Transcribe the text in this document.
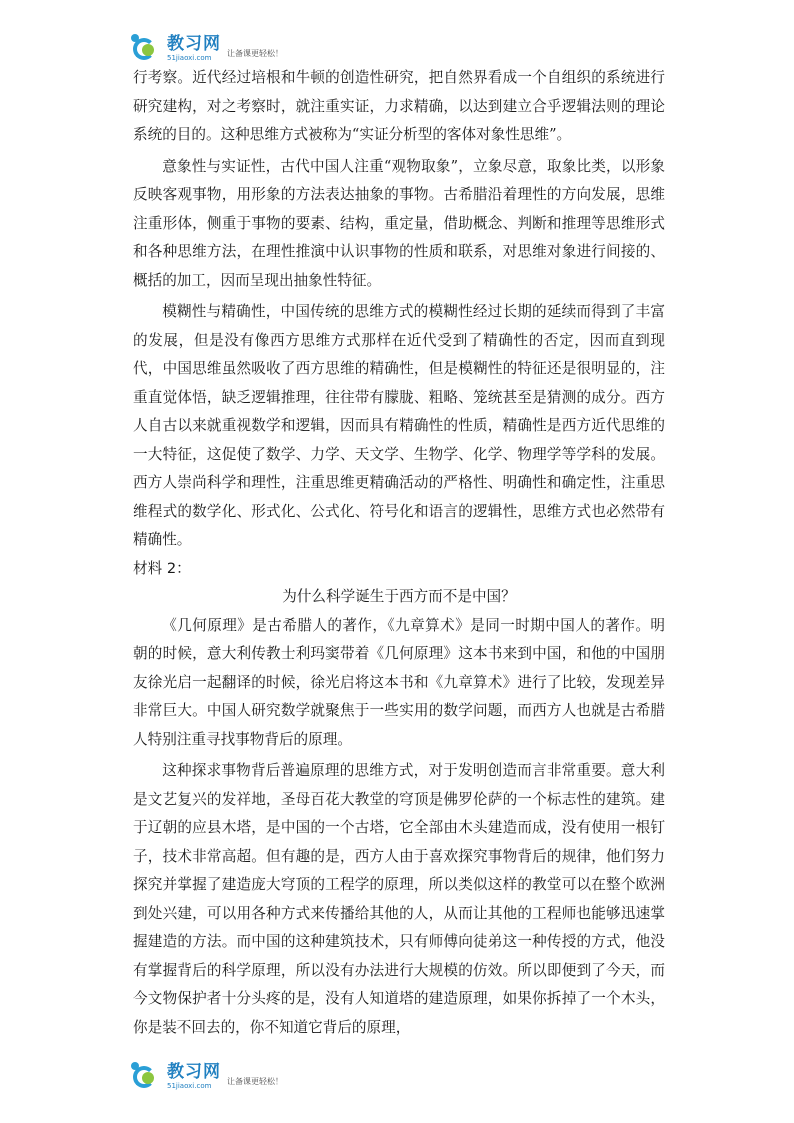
教习网
51jiaoxi.com	让备课更轻松！

行考察。近代经过培根和牛顿的创造性研究，把自然界看成一个自组织的系统进行研究建构，对之考察时，就注重实证，力求精确，以达到建立合乎逻辑法则的理论系统的目的。这种思维方式被称为“实证分析型的客体对象性思维”。

意象性与实证性，古代中国人注重“观物取象”，立象尽意，取象比类，以形象反映客观事物，用形象的方法表达抽象的事物。古希腊沿着理性的方向发展，思维注重形体，侧重于事物的要素、结构，重定量，借助概念、判断和推理等思维形式和各种思维方法，在理性推演中认识事物的性质和联系，对思维对象进行间接的、概括的加工，因而呈现出抽象性特征。

模糊性与精确性，中国传统的思维方式的模糊性经过长期的延续而得到了丰富的发展，但是没有像西方思维方式那样在近代受到了精确性的否定，因而直到现代，中国思维虽然吸收了西方思维的精确性，但是模糊性的特征还是很明显的，注重直觉体悟，缺乏逻辑推理，往往带有朦胧、粗略、笼统甚至是猜测的成分。西方人自古以来就重视数学和逻辑，因而具有精确性的性质，精确性是西方近代思维的一大特征，这促使了数学、力学、天文学、生物学、化学、物理学等学科的发展。西方人崇尚科学和理性，注重思维更精确活动的严格性、明确性和确定性，注重思维程式的数学化、形式化、公式化、符号化和语言的逻辑性，思维方式也必然带有精确性。

材料 2：

为什么科学诞生于西方而不是中国？

《几何原理》是古希腊人的著作，《九章算术》是同一时期中国人的著作。明朝的时候，意大利传教士利玛窦带着《几何原理》这本书来到中国，和他的中国朋友徐光启一起翻译的时候，徐光启将这本书和《九章算术》进行了比较，发现差异非常巨大。中国人研究数学就聚焦于一些实用的数学问题，而西方人也就是古希腊人特别注重寻找事物背后的原理。

这种探求事物背后普遍原理的思维方式，对于发明创造而言非常重要。意大利是文艺复兴的发祥地，圣母百花大教堂的穹顶是佛罗伦萨的一个标志性的建筑。建于辽朝的应县木塔，是中国的一个古塔，它全部由木头建造而成，没有使用一根钉子，技术非常高超。但有趣的是，西方人由于喜欢探究事物背后的规律，他们努力探究并掌握了建造庞大穹顶的工程学的原理，所以类似这样的教堂可以在整个欧洲到处兴建，可以用各种方式来传播给其他的人，从而让其他的工程师也能够迅速掌握建造的方法。而中国的这种建筑技术，只有师傅向徒弟这一种传授的方式，他没有掌握背后的科学原理，所以没有办法进行大规模的仿效。所以即便到了今天，而今文物保护者十分头疼的是，没有人知道塔的建造原理，如果你拆掉了一个木头，你是装不回去的，你不知道它背后的原理，

教习网
51jiaoxi.com	让备课更轻松！
